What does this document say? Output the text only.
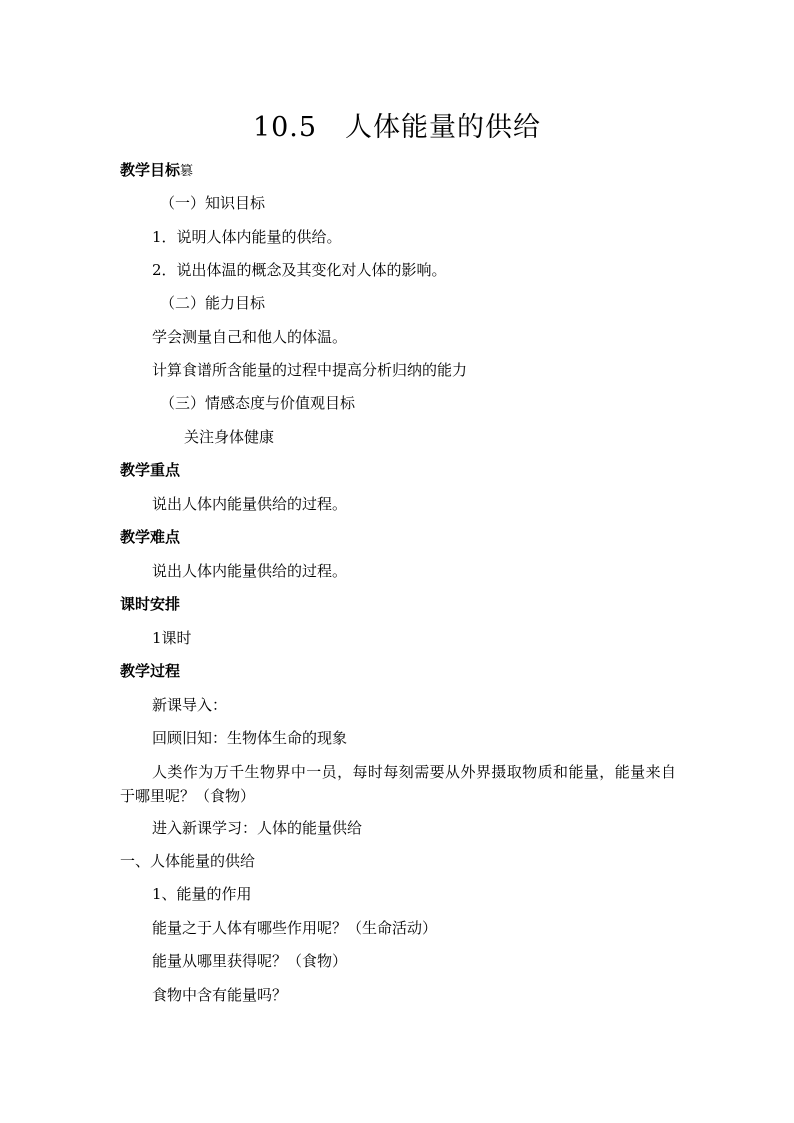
10.5　人体能量的供给
教学目标篡
（一）知识目标
1．说明人体内能量的供给。
2．说出体温的概念及其变化对人体的影响。
（二）能力目标
学会测量自己和他人的体温。
计算食谱所含能量的过程中提高分析归纳的能力
（三）情感态度与价值观目标
关注身体健康
教学重点
说出人体内能量供给的过程。
教学难点
说出人体内能量供给的过程。
课时安排
1课时
教学过程
新课导入：
回顾旧知：生物体生命的现象
人类作为万千生物界中一员，每时每刻需要从外界摄取物质和能量，能量来自于哪里呢？（食物）
进入新课学习：人体的能量供给
一、人体能量的供给
1、能量的作用
能量之于人体有哪些作用呢？（生命活动）
能量从哪里获得呢？（食物）
食物中含有能量吗？
